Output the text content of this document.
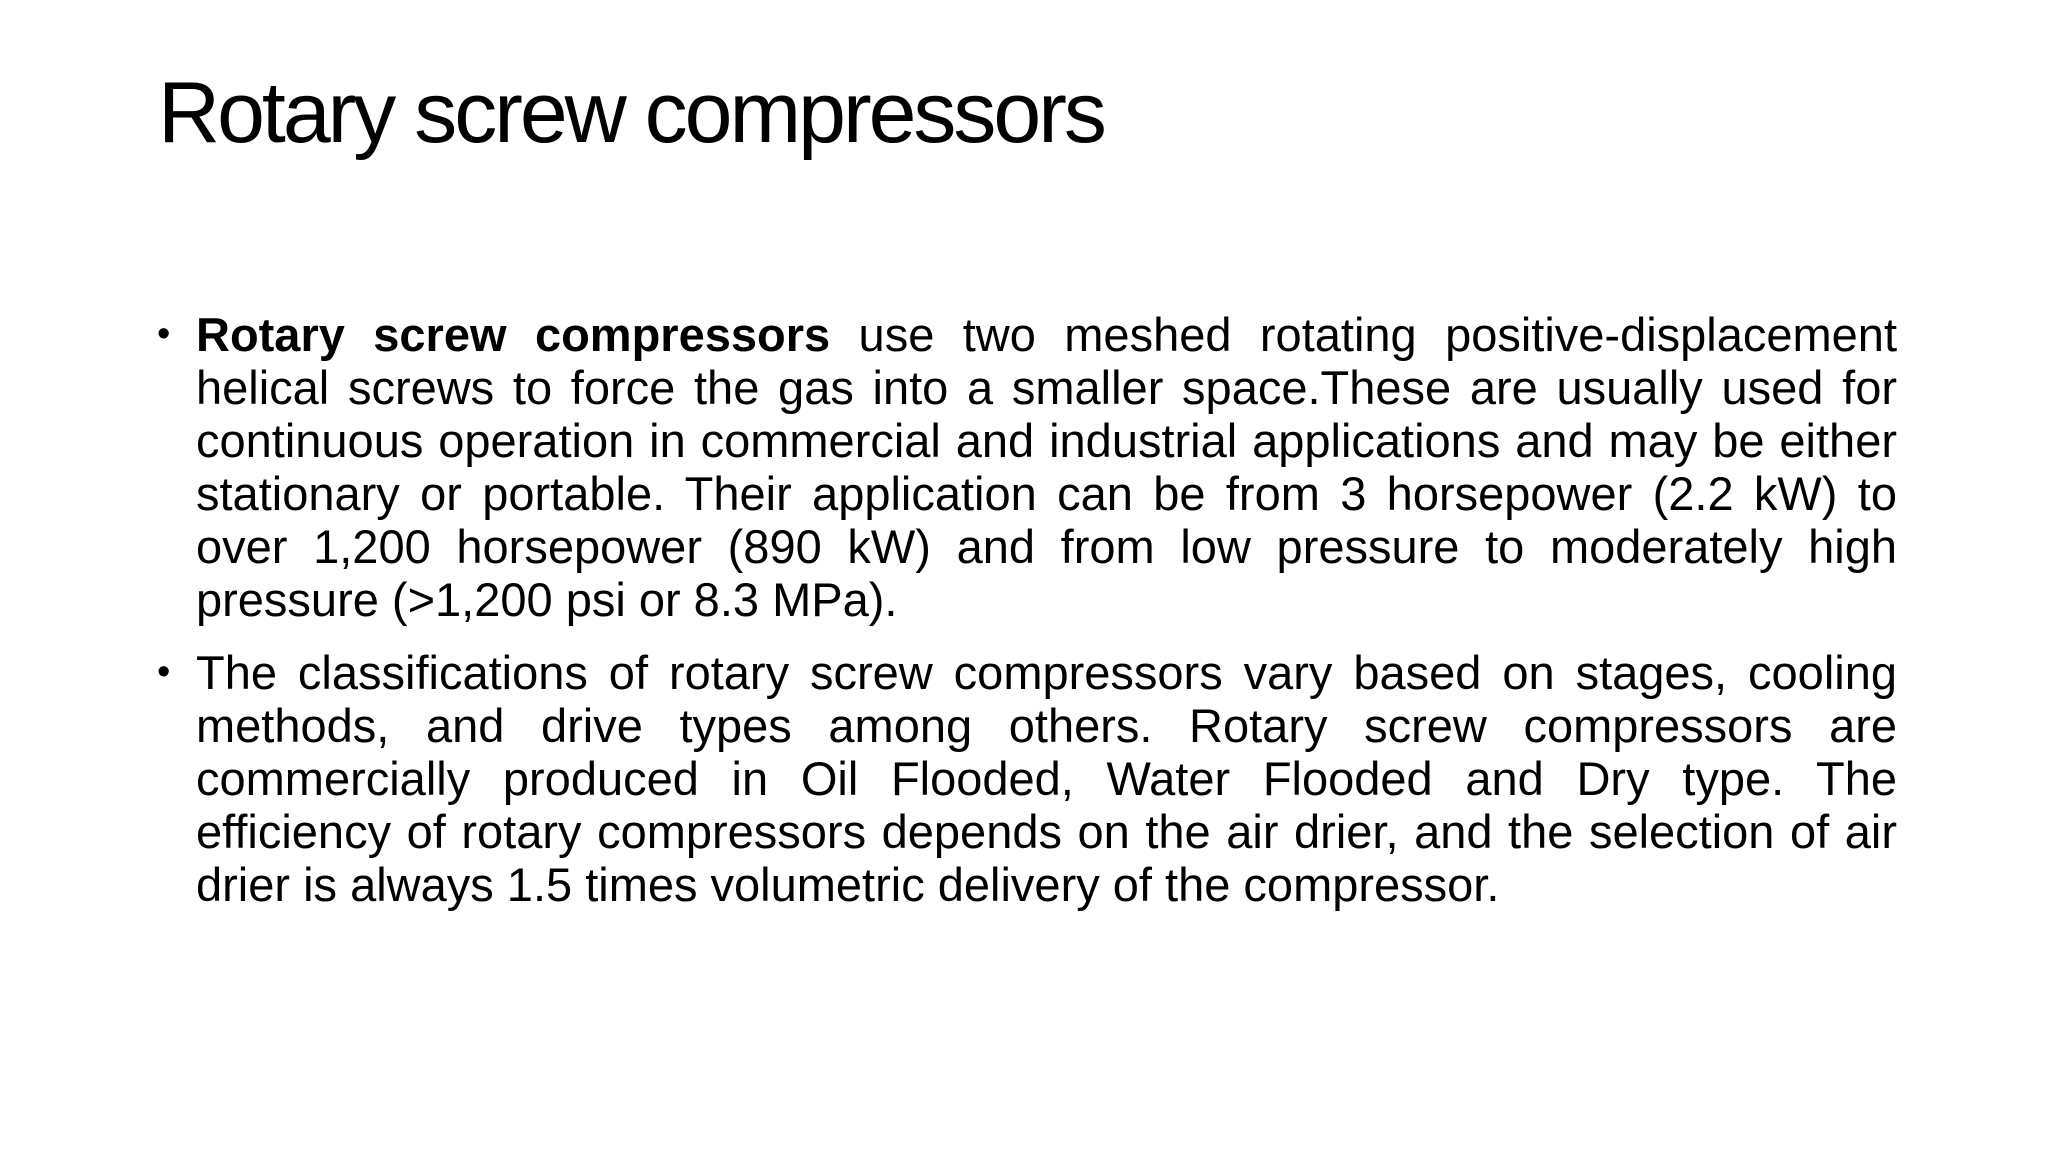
Rotary screw compressors
• Rotary screw compressors use two meshed rotating positive-displacement helical screws to force the gas into a smaller space.These are usually used for continuous operation in commercial and industrial applications and may be either stationary or portable. Their application can be from 3 horsepower (2.2 kW) to over 1,200 horsepower (890 kW) and from low pressure to moderately high pressure (>1,200 psi or 8.3 MPa).
• The classifications of rotary screw compressors vary based on stages, cooling methods, and drive types among others. Rotary screw compressors are commercially produced in Oil Flooded, Water Flooded and Dry type. The efficiency of rotary compressors depends on the air drier, and the selection of air drier is always 1.5 times volumetric delivery of the compressor.
